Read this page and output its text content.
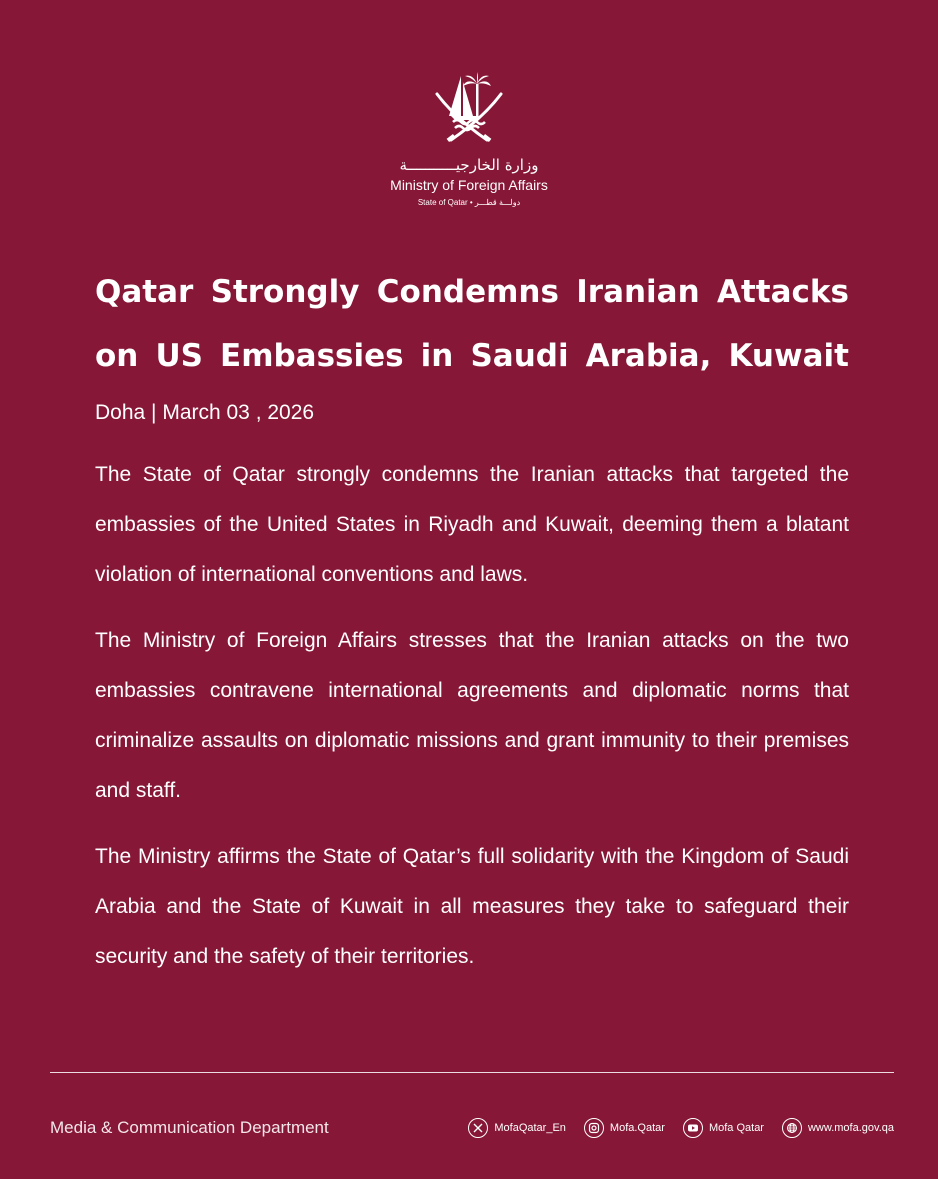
وزارة الخارجيـــــــــــة
Ministry of Foreign Affairs
State of Qatar • دولـــة قطـــر
Qatar Strongly Condemns Iranian Attacks on US Embassies in Saudi Arabia, Kuwait
Doha | March 03 , 2026

The State of Qatar strongly condemns the Iranian attacks that targeted the embassies of the United States in Riyadh and Kuwait, deeming them a blatant violation of international conventions and laws.

The Ministry of Foreign Affairs stresses that the Iranian attacks on the two embassies contravene international agreements and diplomatic norms that criminalize assaults on diplomatic missions and grant immunity to their premises and staff.

The Ministry affirms the State of Qatar’s full solidarity with the Kingdom of Saudi Arabia and the State of Kuwait in all measures they take to safeguard their security and the safety of their territories.

Media & Communication Department	MofaQatar_En	Mofa.Qatar	Mofa Qatar	www.mofa.gov.qa
